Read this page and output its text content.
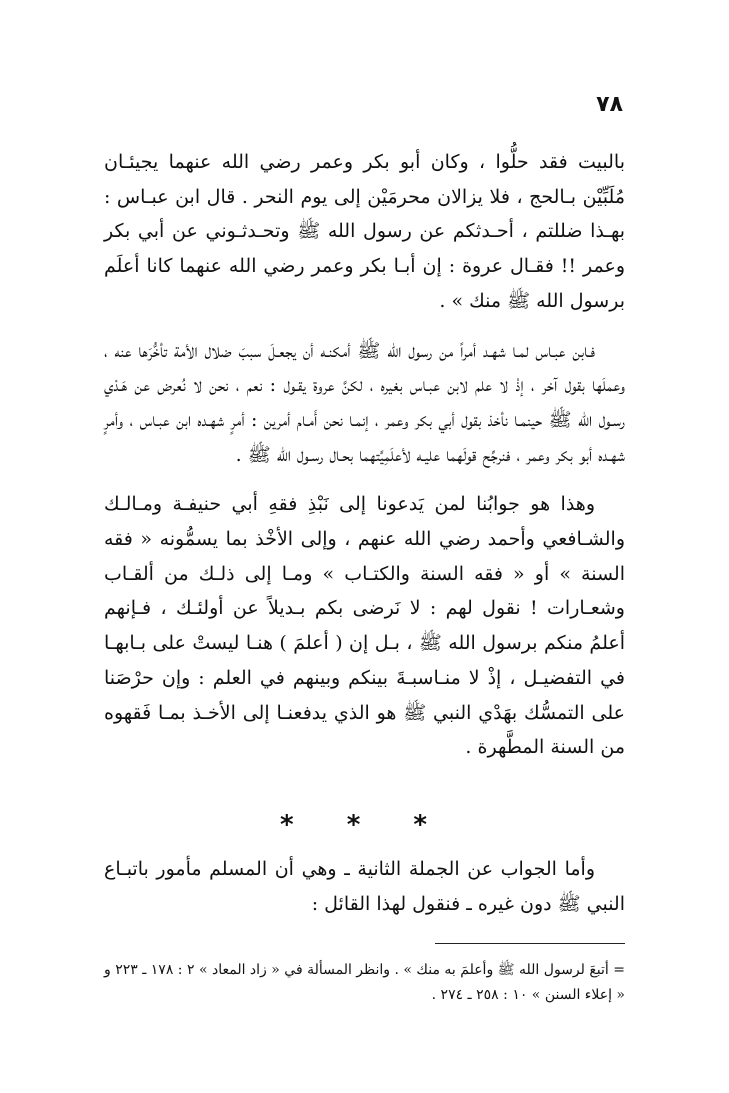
٧٨

بالبيت فقد حلُّوا ، وكان أبو بكر وعمر رضي الله عنهما يجيئـان مُلَبِّيْن بـالحج ، فلا يزالان محرمَيْن إلى يوم النحر . قال ابن عبـاس : بهـذا ضللتم ، أحـدثكم عن رسول الله ﷺ وتحـدثـوني عن أبي بكر وعمر !! فقـال عروة : إن أبـا بكر وعمر رضي الله عنهما كانا أعلَم برسول الله ﷺ منك » .

فـابن عبـاس لمـا شهـد أمراً من رسول الله ﷺ أمكنـه أن يجعـلَ سببَ ضلال الأمة تأخُّرَها عنه ، وعملَها بقول آخر ، إذْ لا علم لابن عبـاس بغيره ، لكنَّ عروة يقـول : نعم ، نحن لا نُعرض عن هَـدْي رسـول الله ﷺ حينمـا نأخذ بقول أبي بكر وعمر ، إنمـا نحن أَمـام أمرين : أمرٍ شهـده ابن عبـاس ، وأمرٍ شهـده أبو بكر وعمر ، فنرجِّح قولَهما عليـه لأعلَمِيَّتهما بحـال رسـول الله ﷺ .

وهذا هو جوابُنا لمن يَدعونا إلى نَبْذِ فقهِ أبي حنيفـة ومـالـك والشـافعي وأحمد رضي الله عنهم ، وإلى الأخْذ بما يسمُّونه « فقه السنة » أو « فقه السنة والكتـاب » ومـا إلى ذلـك من ألقـاب وشعـارات ! نقول لهم : لا نَرضى بكم بـديلاً عن أولئـك ، فـإنهم أعلمُ منكم برسول الله ﷺ ، بـل إن ( أعلمَ ) هنـا ليستْ على بـابهـا في التفضيـل ، إذْ لا منـاسبـةَ بينكم وبينهم في العلم : وإن حرْصَنا على التمسُّك بهَدْي النبي ﷺ هو الذي يدفعنـا إلى الأخـذ بمـا فَقهوه من السنة المطَّهرة .

* * *

وأما الجواب عن الجملة الثانية ـ وهي أن المسلم مأمور باتبـاع النبي ﷺ دون غيره ـ فنقول لهذا القائل :

= أتبعَ لرسول الله ﷺ وأعلمَ به منك » . وانظر المسألة في « زاد المعاد » ٢ : ١٧٨ ـ ٢٢٣ و « إعلاء السنن » ١٠ : ٢٥٨ ـ ٢٧٤ .
